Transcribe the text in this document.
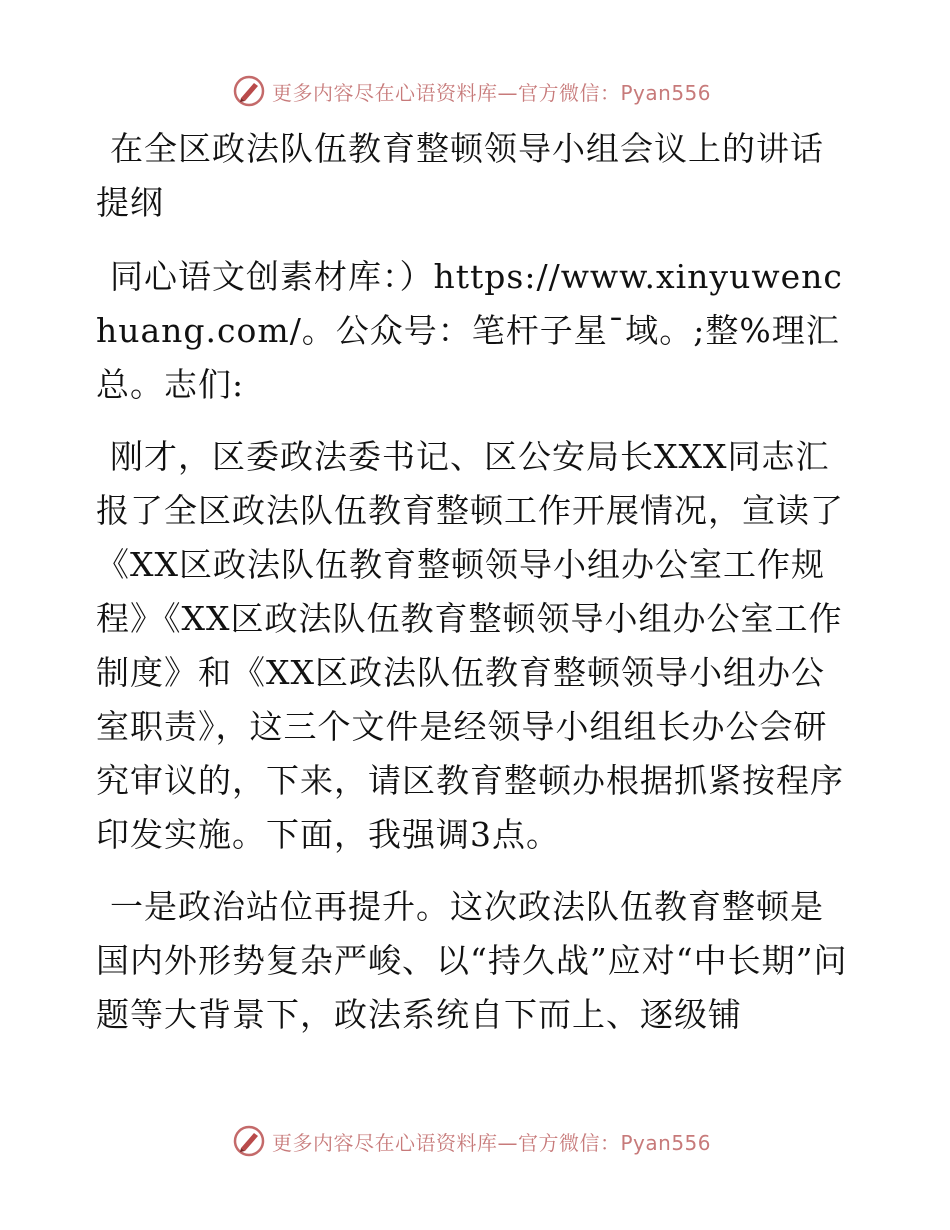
更多内容尽在心语资料库—官方微信：Pyan556

在全区政法队伍教育整顿领导小组会议上的讲话提纲

同心语文创素材库：）https://www.xinyuwenchuang.com/。公众号：笔杆子星¯域。;整%理汇总。志们:

刚才，区委政法委书记、区公安局长XXX同志汇报了全区政法队伍教育整顿工作开展情况，宣读了《XX区政法队伍教育整顿领导小组办公室工作规程》《XX区政法队伍教育整顿领导小组办公室工作制度》和《XX区政法队伍教育整顿领导小组办公室职责》，这三个文件是经领导小组组长办公会研究审议的，下来，请区教育整顿办根据抓紧按程序印发实施。下面，我强调3点。

一是政治站位再提升。这次政法队伍教育整顿是国内外形势复杂严峻、以“持久战”应对“中长期”问题等大背景下，政法系统自下而上、逐级铺

更多内容尽在心语资料库—官方微信：Pyan556
